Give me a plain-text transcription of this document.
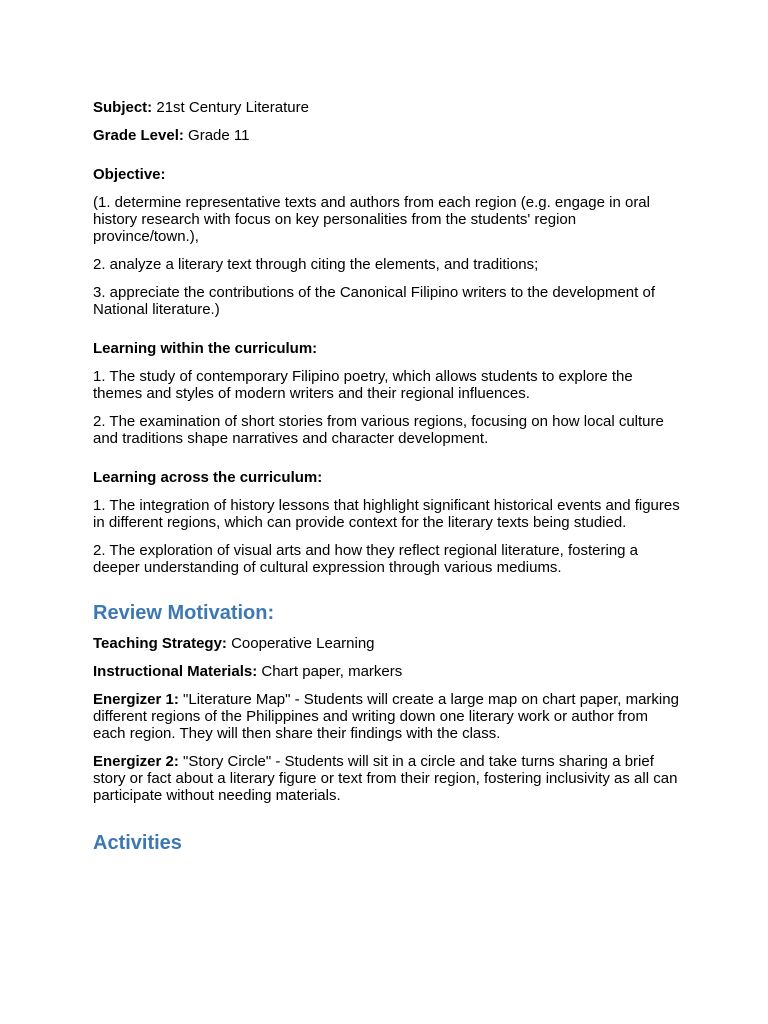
Subject: 21st Century Literature

Grade Level: Grade 11

Objective:

(1. determine representative texts and authors from each region (e.g. engage in oral history research with focus on key personalities from the students' region province/town.),

2. analyze a literary text through citing the elements, and traditions;

3. appreciate the contributions of the Canonical Filipino writers to the development of National literature.)

Learning within the curriculum:

1. The study of contemporary Filipino poetry, which allows students to explore the themes and styles of modern writers and their regional influences.

2. The examination of short stories from various regions, focusing on how local culture and traditions shape narratives and character development.

Learning across the curriculum:

1. The integration of history lessons that highlight significant historical events and figures in different regions, which can provide context for the literary texts being studied.

2. The exploration of visual arts and how they reflect regional literature, fostering a deeper understanding of cultural expression through various mediums.

Review Motivation:

Teaching Strategy: Cooperative Learning

Instructional Materials: Chart paper, markers

Energizer 1: "Literature Map" - Students will create a large map on chart paper, marking different regions of the Philippines and writing down one literary work or author from each region. They will then share their findings with the class.

Energizer 2: "Story Circle" - Students will sit in a circle and take turns sharing a brief story or fact about a literary figure or text from their region, fostering inclusivity as all can participate without needing materials.

Activities
